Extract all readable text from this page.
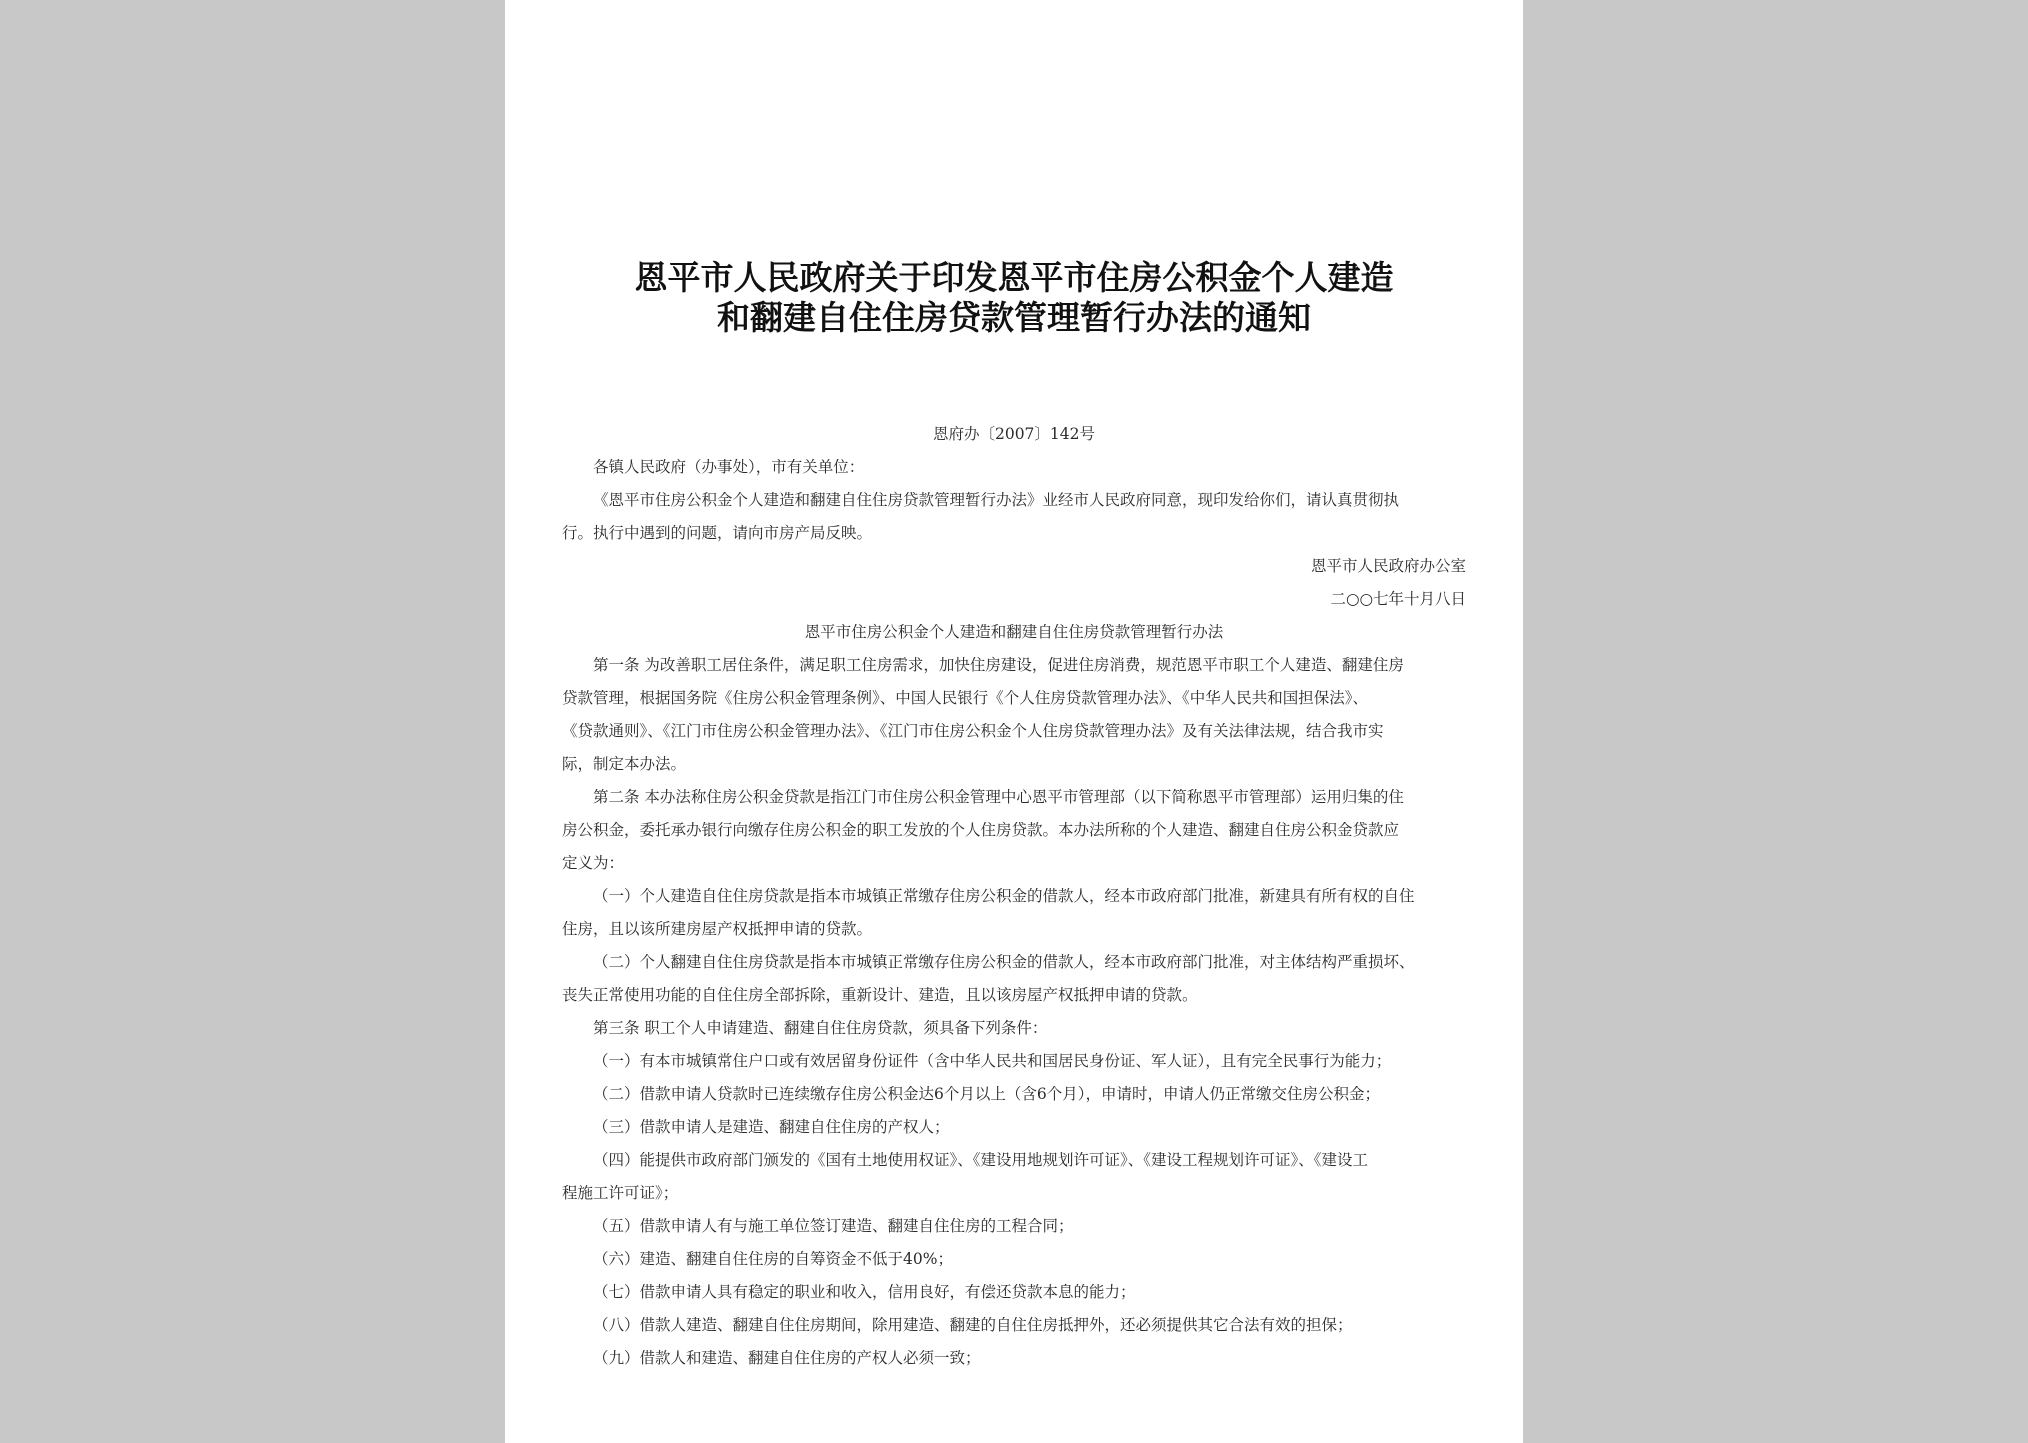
恩平市人民政府关于印发恩平市住房公积金个人建造
和翻建自住住房贷款管理暂行办法的通知

恩府办〔2007〕142号

各镇人民政府（办事处），市有关单位：

《恩平市住房公积金个人建造和翻建自住住房贷款管理暂行办法》业经市人民政府同意，现印发给你们，请认真贯彻执

行。执行中遇到的问题，请向市房产局反映。

恩平市人民政府办公室

二○○七年十月八日

恩平市住房公积金个人建造和翻建自住住房贷款管理暂行办法

第一条 为改善职工居住条件，满足职工住房需求，加快住房建设，促进住房消费，规范恩平市职工个人建造、翻建住房

贷款管理，根据国务院《住房公积金管理条例》、中国人民银行《个人住房贷款管理办法》、《中华人民共和国担保法》、

《贷款通则》、《江门市住房公积金管理办法》、《江门市住房公积金个人住房贷款管理办法》及有关法律法规，结合我市实

际，制定本办法。

第二条 本办法称住房公积金贷款是指江门市住房公积金管理中心恩平市管理部（以下简称恩平市管理部）运用归集的住

房公积金，委托承办银行向缴存住房公积金的职工发放的个人住房贷款。本办法所称的个人建造、翻建自住房公积金贷款应

定义为：

（一）个人建造自住住房贷款是指本市城镇正常缴存住房公积金的借款人，经本市政府部门批准，新建具有所有权的自住

住房，且以该所建房屋产权抵押申请的贷款。

（二）个人翻建自住住房贷款是指本市城镇正常缴存住房公积金的借款人，经本市政府部门批准，对主体结构严重损坏、

丧失正常使用功能的自住住房全部拆除，重新设计、建造，且以该房屋产权抵押申请的贷款。

第三条 职工个人申请建造、翻建自住住房贷款，须具备下列条件：

（一）有本市城镇常住户口或有效居留身份证件（含中华人民共和国居民身份证、军人证），且有完全民事行为能力；

（二）借款申请人贷款时已连续缴存住房公积金达6个月以上（含6个月），申请时，申请人仍正常缴交住房公积金；

（三）借款申请人是建造、翻建自住住房的产权人；

（四）能提供市政府部门颁发的《国有土地使用权证》、《建设用地规划许可证》、《建设工程规划许可证》、《建设工

程施工许可证》；

（五）借款申请人有与施工单位签订建造、翻建自住住房的工程合同；

（六）建造、翻建自住住房的自筹资金不低于40%；

（七）借款申请人具有稳定的职业和收入，信用良好，有偿还贷款本息的能力；

（八）借款人建造、翻建自住住房期间，除用建造、翻建的自住住房抵押外，还必须提供其它合法有效的担保；

（九）借款人和建造、翻建自住住房的产权人必须一致；
